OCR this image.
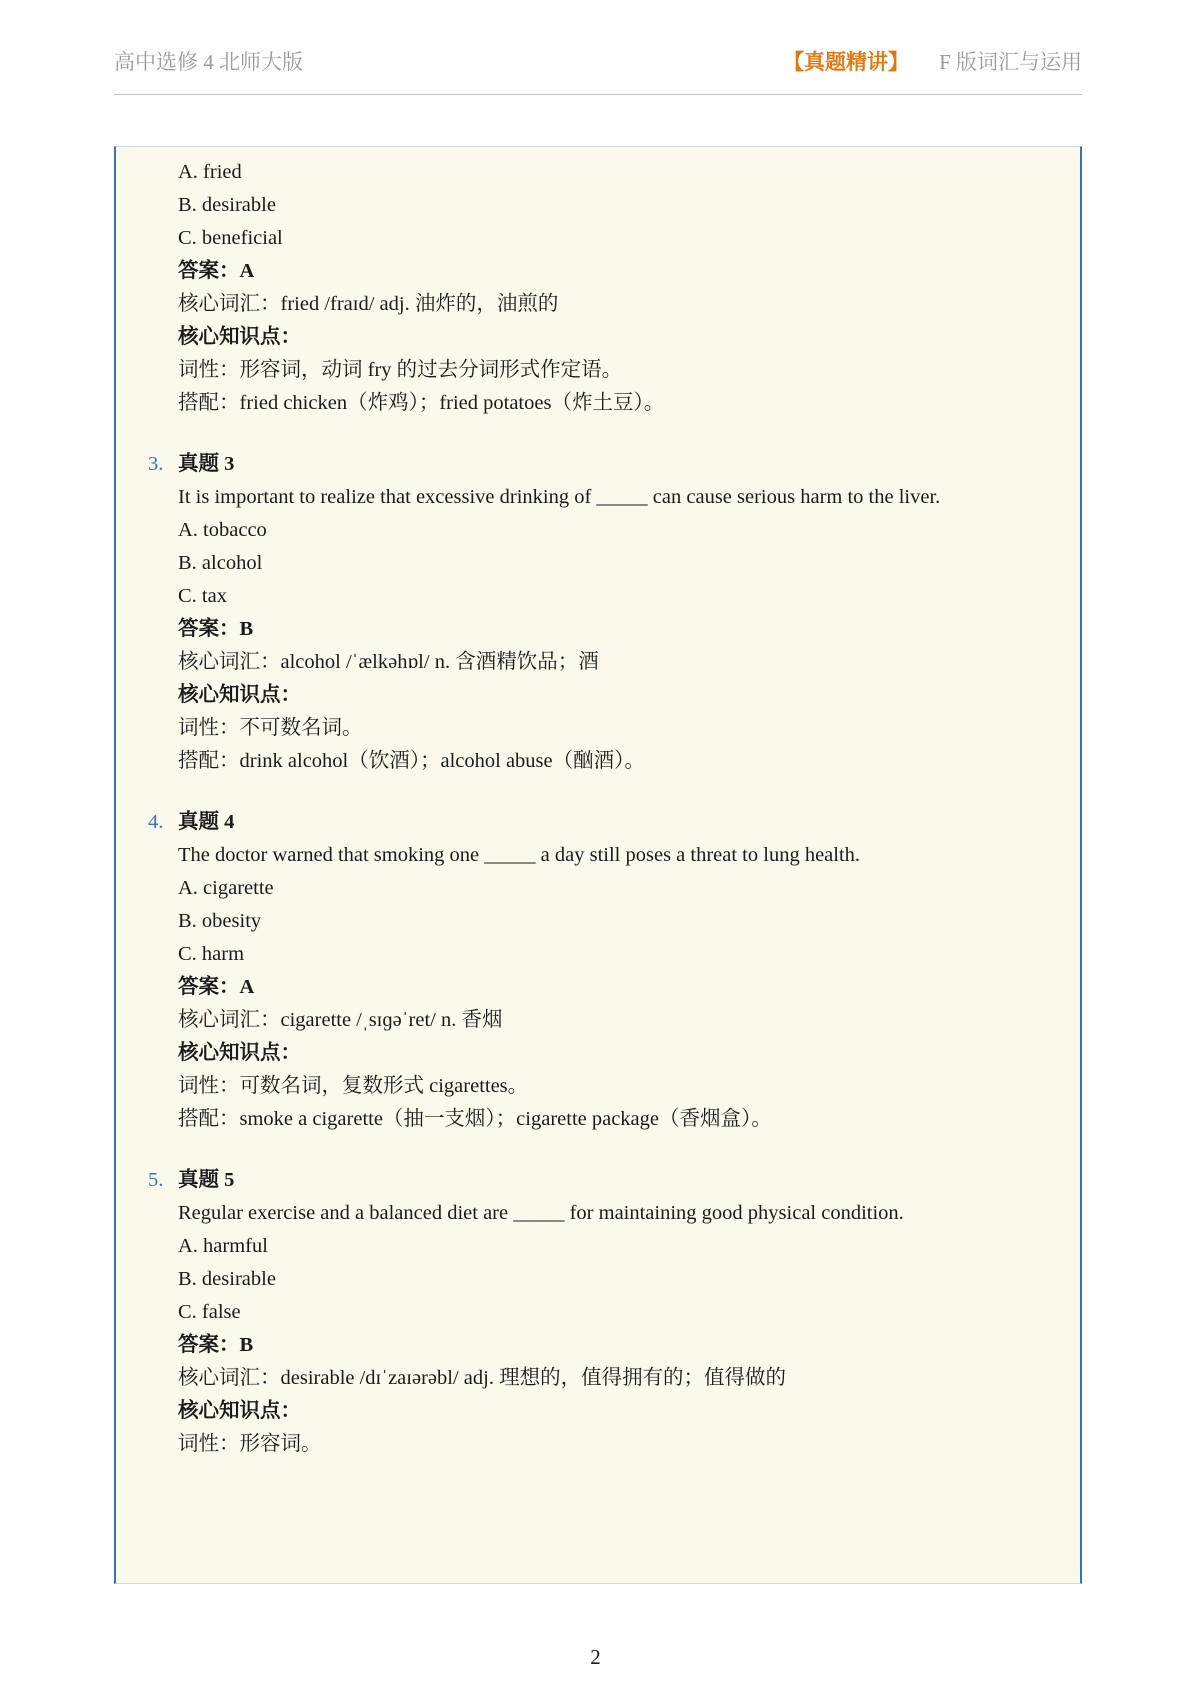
高中选修 4 北师大版	【真题精讲】 F 版词汇与运用
A. fried
B. desirable
C. beneficial
答案：A
核心词汇：fried /fraɪd/ adj. 油炸的，油煎的
核心知识点：
词性：形容词，动词 fry 的过去分词形式作定语。
搭配：fried chicken（炸鸡）；fried potatoes（炸土豆）。
3. 真题 3
It is important to realize that excessive drinking of _____ can cause serious harm to the liver.
A. tobacco
B. alcohol
C. tax
答案：B
核心词汇：alcohol /ˈælkəhɒl/ n. 含酒精饮品；酒
核心知识点：
词性：不可数名词。
搭配：drink alcohol（饮酒）；alcohol abuse（酗酒）。
4. 真题 4
The doctor warned that smoking one _____ a day still poses a threat to lung health.
A. cigarette
B. obesity
C. harm
答案：A
核心词汇：cigarette /ˌsɪɡəˈret/ n. 香烟
核心知识点：
词性：可数名词，复数形式 cigarettes。
搭配：smoke a cigarette（抽一支烟）；cigarette package（香烟盒）。
5. 真题 5
Regular exercise and a balanced diet are _____ for maintaining good physical condition.
A. harmful
B. desirable
C. false
答案：B
核心词汇：desirable /dɪˈzaɪərəbl/ adj. 理想的，值得拥有的；值得做的
核心知识点：
词性：形容词。
2
